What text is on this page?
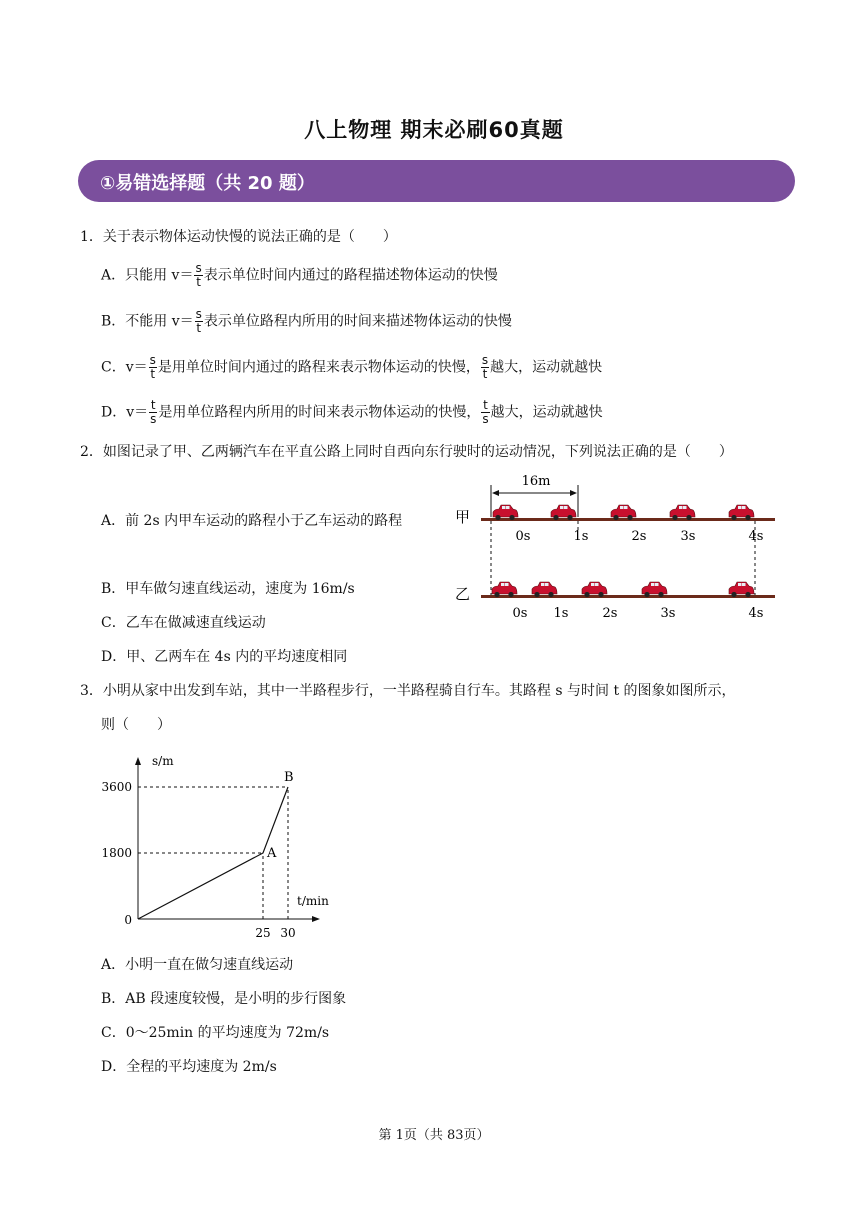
八上物理 期末必刷60真题
①易错选择题（共 20 题）
1．关于表示物体运动快慢的说法正确的是（　　）
A．只能用 $v= \frac{s}{t}$ 表示单位时间内通过的路程描述物体运动的快慢
B．不能用 $v= \frac{s}{t}$ 表示单位路程内所用的时间来描述物体运动的快慢
C．$v= \frac{s}{t}$ 是用单位时间内通过的路程来表示物体运动的快慢， $\frac{s}{t}$ 越大，运动就越快
D．$v= \frac{t}{s}$ 是用单位路程内所用的时间来表示物体运动的快慢， $\frac{t}{s}$ 越大，运动就越快
2．如图记录了甲、乙两辆汽车在平直公路上同时自西向东行驶时的运动情况，下列说法正确的是（　　）
A．前 2s 内甲车运动的路程小于乙车运动的路程
B．甲车做匀速直线运动，速度为 16m/s
C．乙车在做减速直线运动
D．甲、乙两车在 4s 内的平均速度相同
16m
甲
乙
0s	1s	2s	3s	4s
0s 1s	2s	3s	4s
3．小明从家中出发到车站，其中一半路程步行，一半路程骑自行车。其路程 s 与时间 t 的图象如图所示，
则（　　）
s/m
t/min
0
1800
3600
25 30
A
B
A．小明一直在做匀速直线运动
B．AB 段速度较慢，是小明的步行图象
C．0～25min 的平均速度为 72m/s
D．全程的平均速度为 2m/s
第 1页（共 83页）
